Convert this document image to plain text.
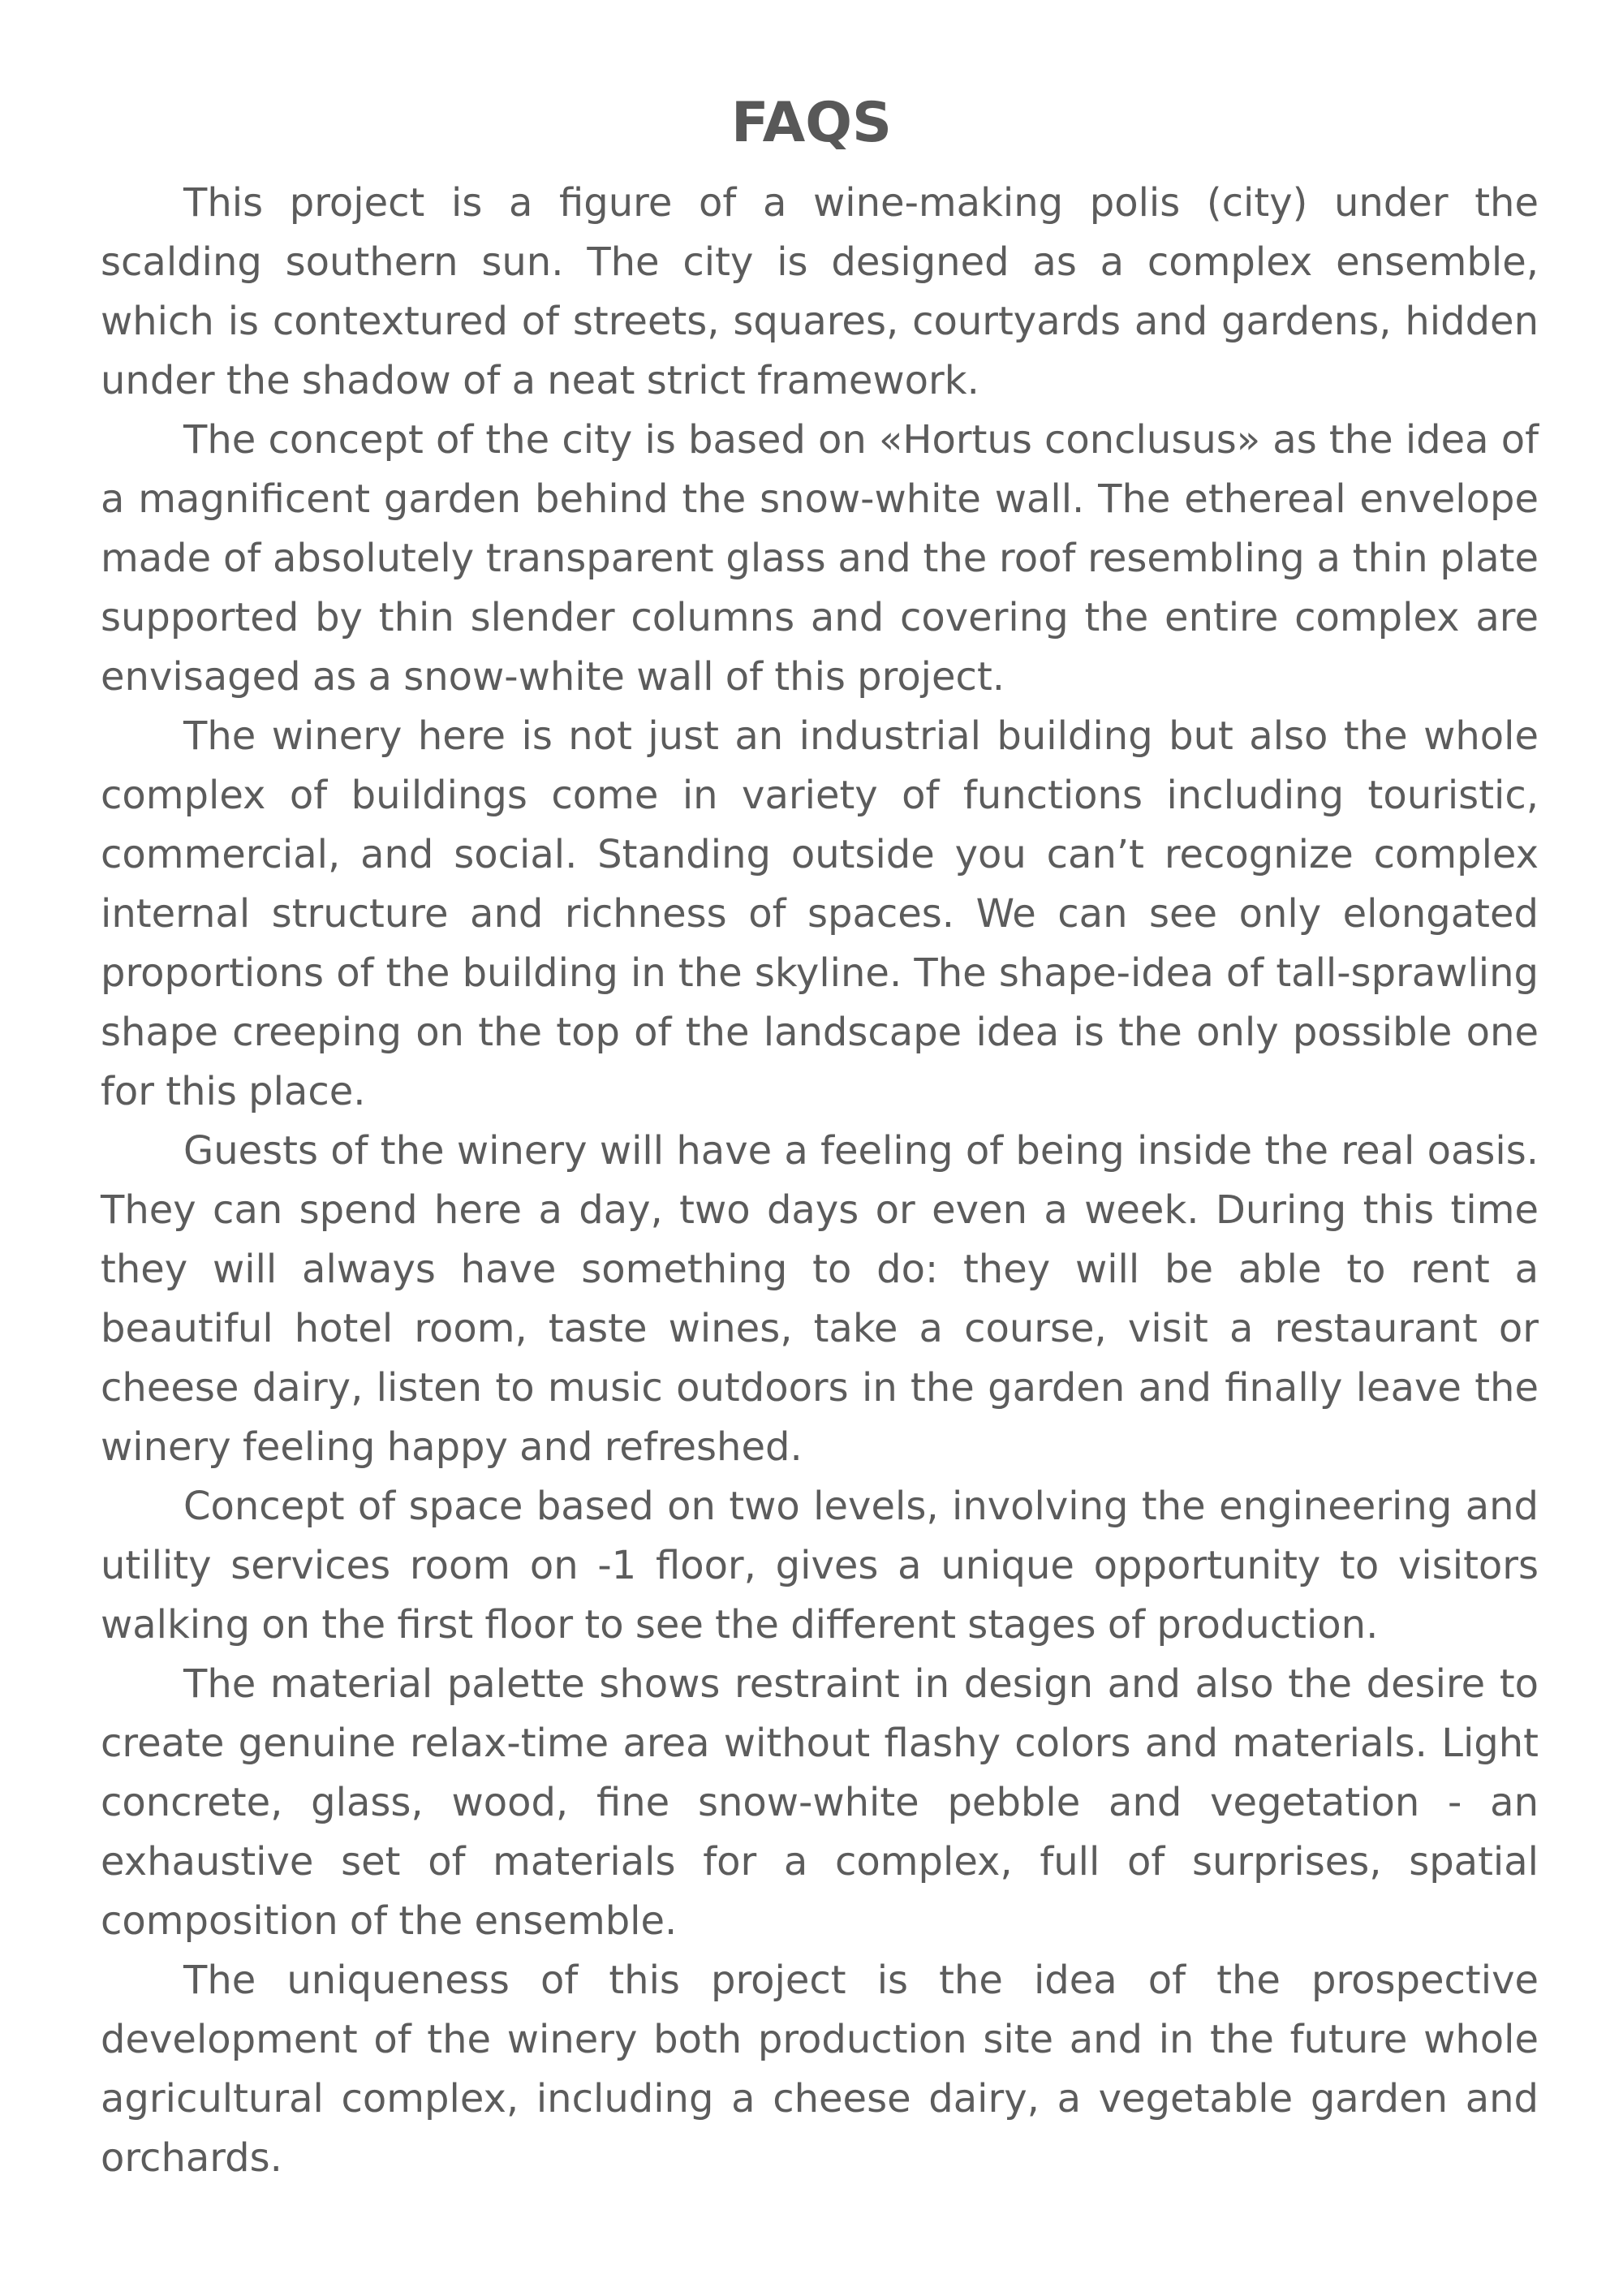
FAQS

This project is a figure of a wine-making polis (city) under the scalding southern sun. The city is designed as a complex ensemble, which is contextured of streets, squares, courtyards and gardens, hidden under the shadow of a neat strict framework.

The concept of the city is based on «Hortus conclusus» as the idea of a magnificent garden behind the snow-white wall. The ethereal envelope made of absolutely transparent glass and the roof resembling a thin plate supported by thin slender columns and covering the entire complex are envisaged as a snow-white wall of this project.

The winery here is not just an industrial building but also the whole complex of buildings come in variety of functions including touristic, commercial, and social. Standing outside you can’t recognize complex internal structure and richness of spaces. We can see only elongated proportions of the building in the skyline. The shape-idea of tall-sprawling shape creeping on the top of the landscape idea is the only possible one for this place.

Guests of the winery will have a feeling of being inside the real oasis. They can spend here a day, two days or even a week. During this time they will always have something to do: they will be able to rent a beautiful hotel room, taste wines, take a course, visit a restaurant or cheese dairy, listen to music outdoors in the garden and finally leave the winery feeling happy and refreshed.

Concept of space based on two levels, involving the engineering and utility services room on -1 floor, gives a unique opportunity to visitors walking on the first floor to see the different stages of production.

The material palette shows restraint in design and also the desire to create genuine relax-time area without flashy colors and materials. Light concrete, glass, wood, fine snow-white pebble and vegetation - an exhaustive set of materials for a complex, full of surprises, spatial composition of the ensemble.

The uniqueness of this project is the idea of the prospective development of the winery both production site and in the future whole agricultural complex, including a cheese dairy, a vegetable garden and orchards.
